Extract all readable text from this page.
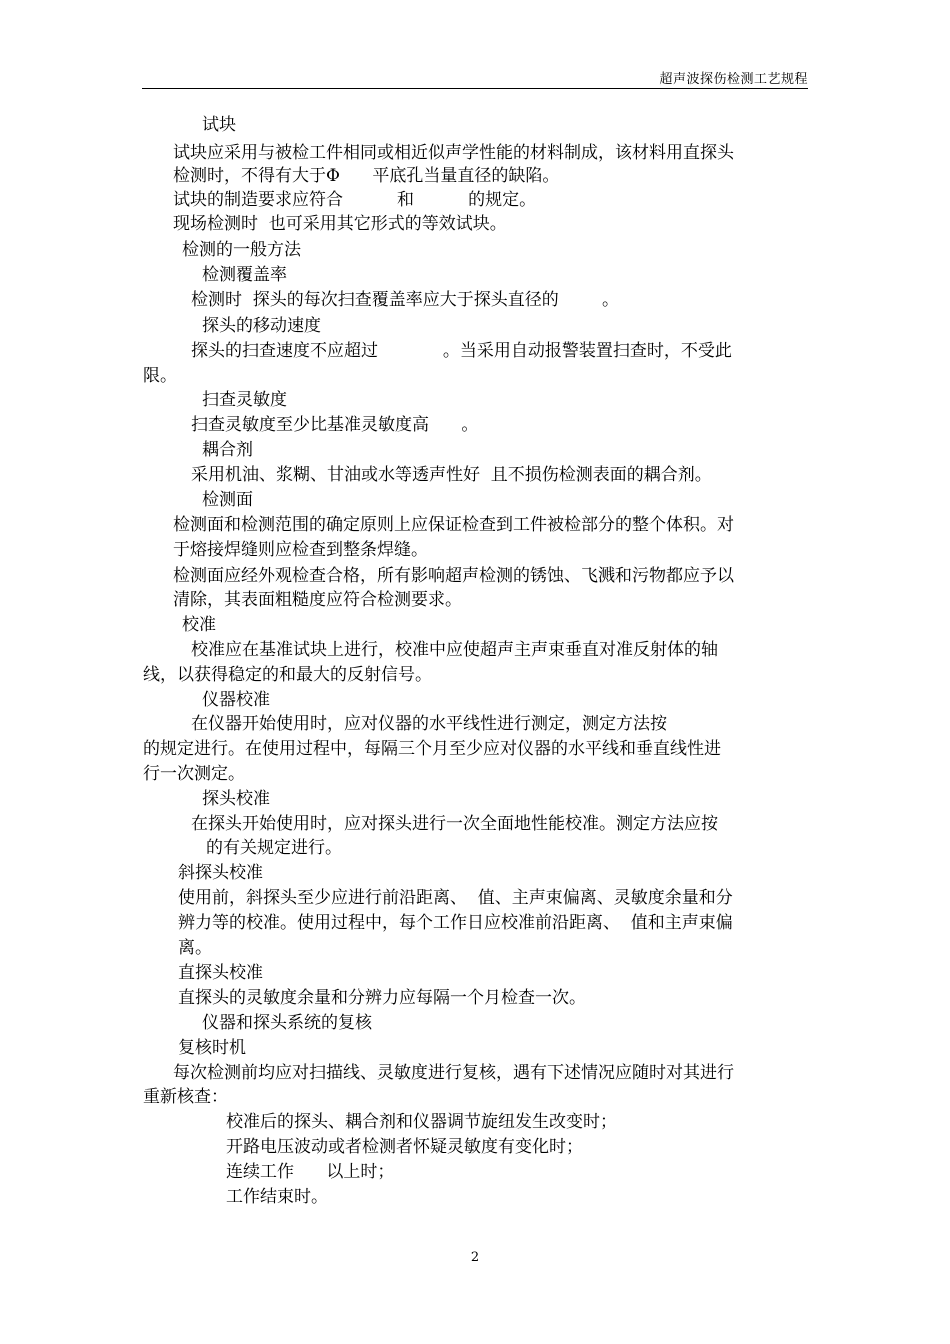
超声波探伤检测工艺规程
试块
试块应采用与被检工件相同或相近似声学性能的材料制成，该材料用直探头
检测时，不得有大于Φ      平底孔当量直径的缺陷。
试块的制造要求应符合          和          的规定。
现场检测时  也可采用其它形式的等效试块。
检测的一般方法
检测覆盖率
检测时  探头的每次扫查覆盖率应大于探头直径的        。
探头的移动速度
探头的扫查速度不应超过            。当采用自动报警装置扫查时，不受此
限。
扫查灵敏度
扫查灵敏度至少比基准灵敏度高      。
耦合剂
采用机油、浆糊、甘油或水等透声性好  且不损伤检测表面的耦合剂。
检测面
检测面和检测范围的确定原则上应保证检查到工件被检部分的整个体积。对
于熔接焊缝则应检查到整条焊缝。
检测面应经外观检查合格，所有影响超声检测的锈蚀、飞溅和污物都应予以
清除，其表面粗糙度应符合检测要求。
校准
校准应在基准试块上进行，校准中应使超声主声束垂直对准反射体的轴
线，以获得稳定的和最大的反射信号。
仪器校准
在仪器开始使用时，应对仪器的水平线性进行测定，测定方法按
的规定进行。在使用过程中，每隔三个月至少应对仪器的水平线和垂直线性进
行一次测定。
探头校准
在探头开始使用时，应对探头进行一次全面地性能校准。测定方法应按
的有关规定进行。
斜探头校准
使用前，斜探头至少应进行前沿距离、  值、主声束偏离、灵敏度余量和分
辨力等的校准。使用过程中，每个工作日应校准前沿距离、  值和主声束偏
离。
直探头校准
直探头的灵敏度余量和分辨力应每隔一个月检查一次。
仪器和探头系统的复核
复核时机
每次检测前均应对扫描线、灵敏度进行复核，遇有下述情况应随时对其进行
重新核查：
校准后的探头、耦合剂和仪器调节旋纽发生改变时；
开路电压波动或者检测者怀疑灵敏度有变化时；
连续工作      以上时；
工作结束时。
2
